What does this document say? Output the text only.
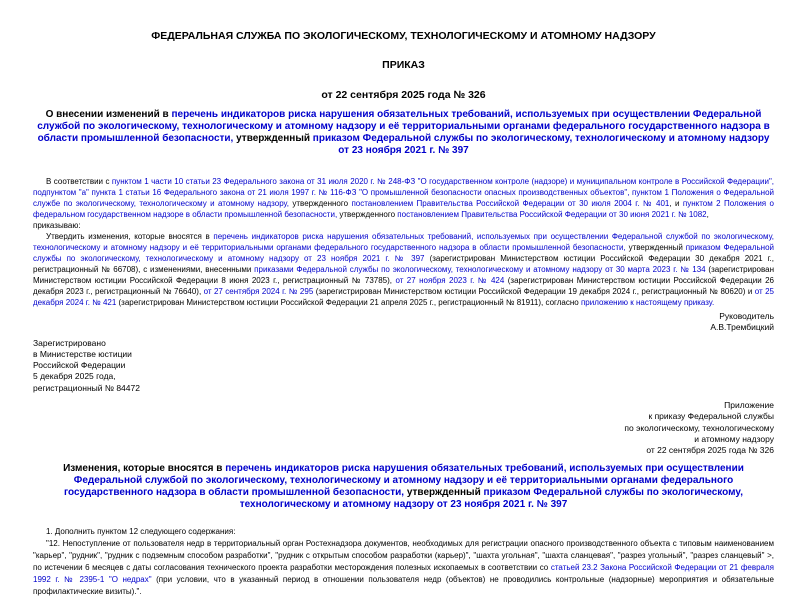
ФЕДЕРАЛЬНАЯ СЛУЖБА ПО ЭКОЛОГИЧЕСКОМУ, ТЕХНОЛОГИЧЕСКОМУ И АТОМНОМУ НАДЗОРУ
ПРИКАЗ
от 22 сентября 2025 года № 326
О внесении изменений в перечень индикаторов риска нарушения обязательных требований, используемых при осуществлении Федеральной службой по экологическому, технологическому и атомному надзору и её территориальными органами федерального государственного надзора в области промышленной безопасности, утвержденный приказом Федеральной службы по экологическому, технологическому и атомному надзору от 23 ноября 2021 г. № 397

В соответствии с пунктом 1 части 10 статьи 23 Федерального закона от 31 июля 2020 г. № 248-ФЗ "О государственном контроле (надзоре) и муниципальном контроле в Российской Федерации", подпунктом "а" пункта 1 статьи 16 Федерального закона от 21 июля 1997 г. № 116-ФЗ "О промышленной безопасности опасных производственных объектов", пунктом 1 Положения о Федеральной службе по экологическому, технологическому и атомному надзору, утвержденного постановлением Правительства Российской Федерации от 30 июля 2004 г. № 401, и пунктом 2 Положения о федеральном государственном надзоре в области промышленной безопасности, утвержденного постановлением Правительства Российской Федерации от 30 июня 2021 г. № 1082,

приказываю:

Утвердить изменения, которые вносятся в перечень индикаторов риска нарушения обязательных требований, используемых при осуществлении Федеральной службой по экологическому, технологическому и атомному надзору и её территориальными органами федерального государственного надзора в области промышленной безопасности, утвержденный приказом Федеральной службы по экологическому, технологическому и атомному надзору от 23 ноября 2021 г. № 397 (зарегистрирован Министерством юстиции Российской Федерации 30 декабря 2021 г., регистрационный № 66708), с изменениями, внесенными приказами Федеральной службы по экологическому, технологическому и атомному надзору от 30 марта 2023 г. № 134 (зарегистрирован Министерством юстиции Российской Федерации 8 июня 2023 г., регистрационный № 73785), от 27 ноября 2023 г. № 424 (зарегистрирован Министерством юстиции Российской Федерации 26 декабря 2023 г., регистрационный № 76640), от 27 сентября 2024 г. № 295 (зарегистрирован Министерством юстиции Российской Федерации 19 декабря 2024 г., регистрационный № 80620) и от 25 декабря 2024 г. № 421 (зарегистрирован Министерством юстиции Российской Федерации 21 апреля 2025 г., регистрационный № 81911), согласно приложению к настоящему приказу.

Руководитель
А.В.Трембицкий
Зарегистрировано
в Министерстве юстиции
Российской Федерации
5 декабря 2025 года,
регистрационный № 84472
Приложение
к приказу Федеральной службы
по экологическому, технологическому
и атомному надзору
от 22 сентября 2025 года № 326
Изменения, которые вносятся в перечень индикаторов риска нарушения обязательных требований, используемых при осуществлении Федеральной службой по экологическому, технологическому и атомному надзору и её территориальными органами федерального государственного надзора в области промышленной безопасности, утвержденный приказом Федеральной службы по экологическому, технологическому и атомному надзору от 23 ноября 2021 г. № 397

1. Дополнить пунктом 12 следующего содержания:

"12. Непоступление от пользователя недр в территориальный орган Ростехнадзора документов, необходимых для регистрации опасного производственного объекта с типовым наименованием "карьер", "рудник", "рудник с подземным способом разработки", "рудник с открытым способом разработки (карьер)", "шахта угольная", "шахта сланцевая", "разрез угольный", "разрез сланцевый" >, по истечении 6 месяцев с даты согласования технического проекта разработки месторождения полезных ископаемых в соответствии со статьей 23.2 Закона Российской Федерации от 21 февраля 1992 г. № 2395-1 "О недрах" (при условии, что в указанный период в отношении пользователя недр (объектов) не проводились контрольные (надзорные) мероприятия и обязательные профилактические визиты).".
